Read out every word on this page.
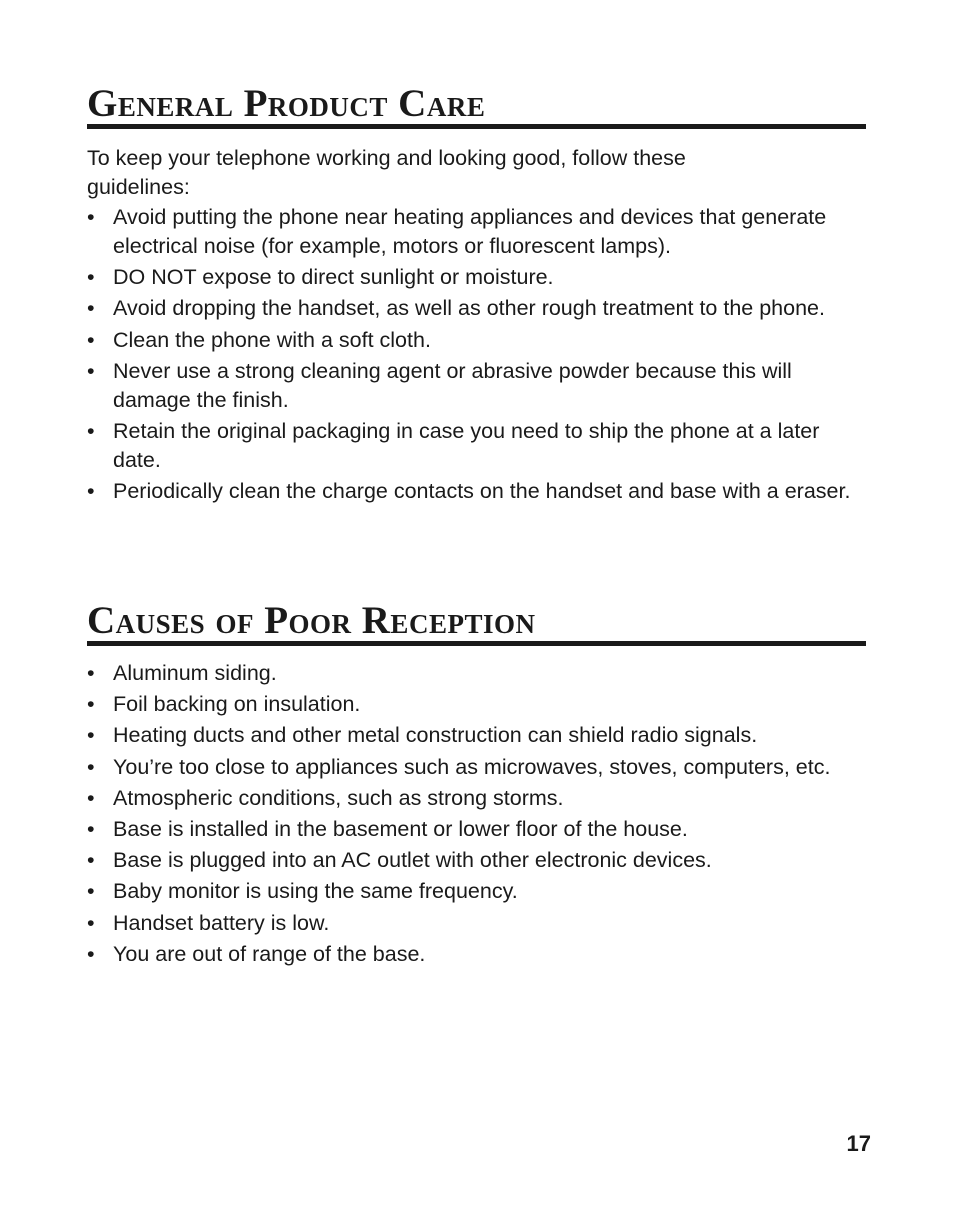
General Product Care

To keep your telephone working and looking good, follow these guidelines:

• Avoid putting the phone near heating appliances and devices that generate electrical noise (for example, motors or fluorescent lamps).
• DO NOT expose to direct sunlight or moisture.
• Avoid dropping the handset, as well as other rough treatment to the phone.
• Clean the phone with a soft cloth.
• Never use a strong cleaning agent or abrasive powder because this will damage the finish.
• Retain the original packaging in case you need to ship the phone at a later date.
• Periodically clean the charge contacts on the handset and base with a eraser.
Causes of Poor Reception
• Aluminum siding.
• Foil backing on insulation.
• Heating ducts and other metal construction can shield radio signals.
• You’re too close to appliances such as microwaves, stoves, computers, etc.
• Atmospheric conditions, such as strong storms.
• Base is installed in the basement or lower floor of the house.
• Base is plugged into an AC outlet with other electronic devices.
• Baby monitor is using the same frequency.
• Handset battery is low.
• You are out of range of the base.
17
